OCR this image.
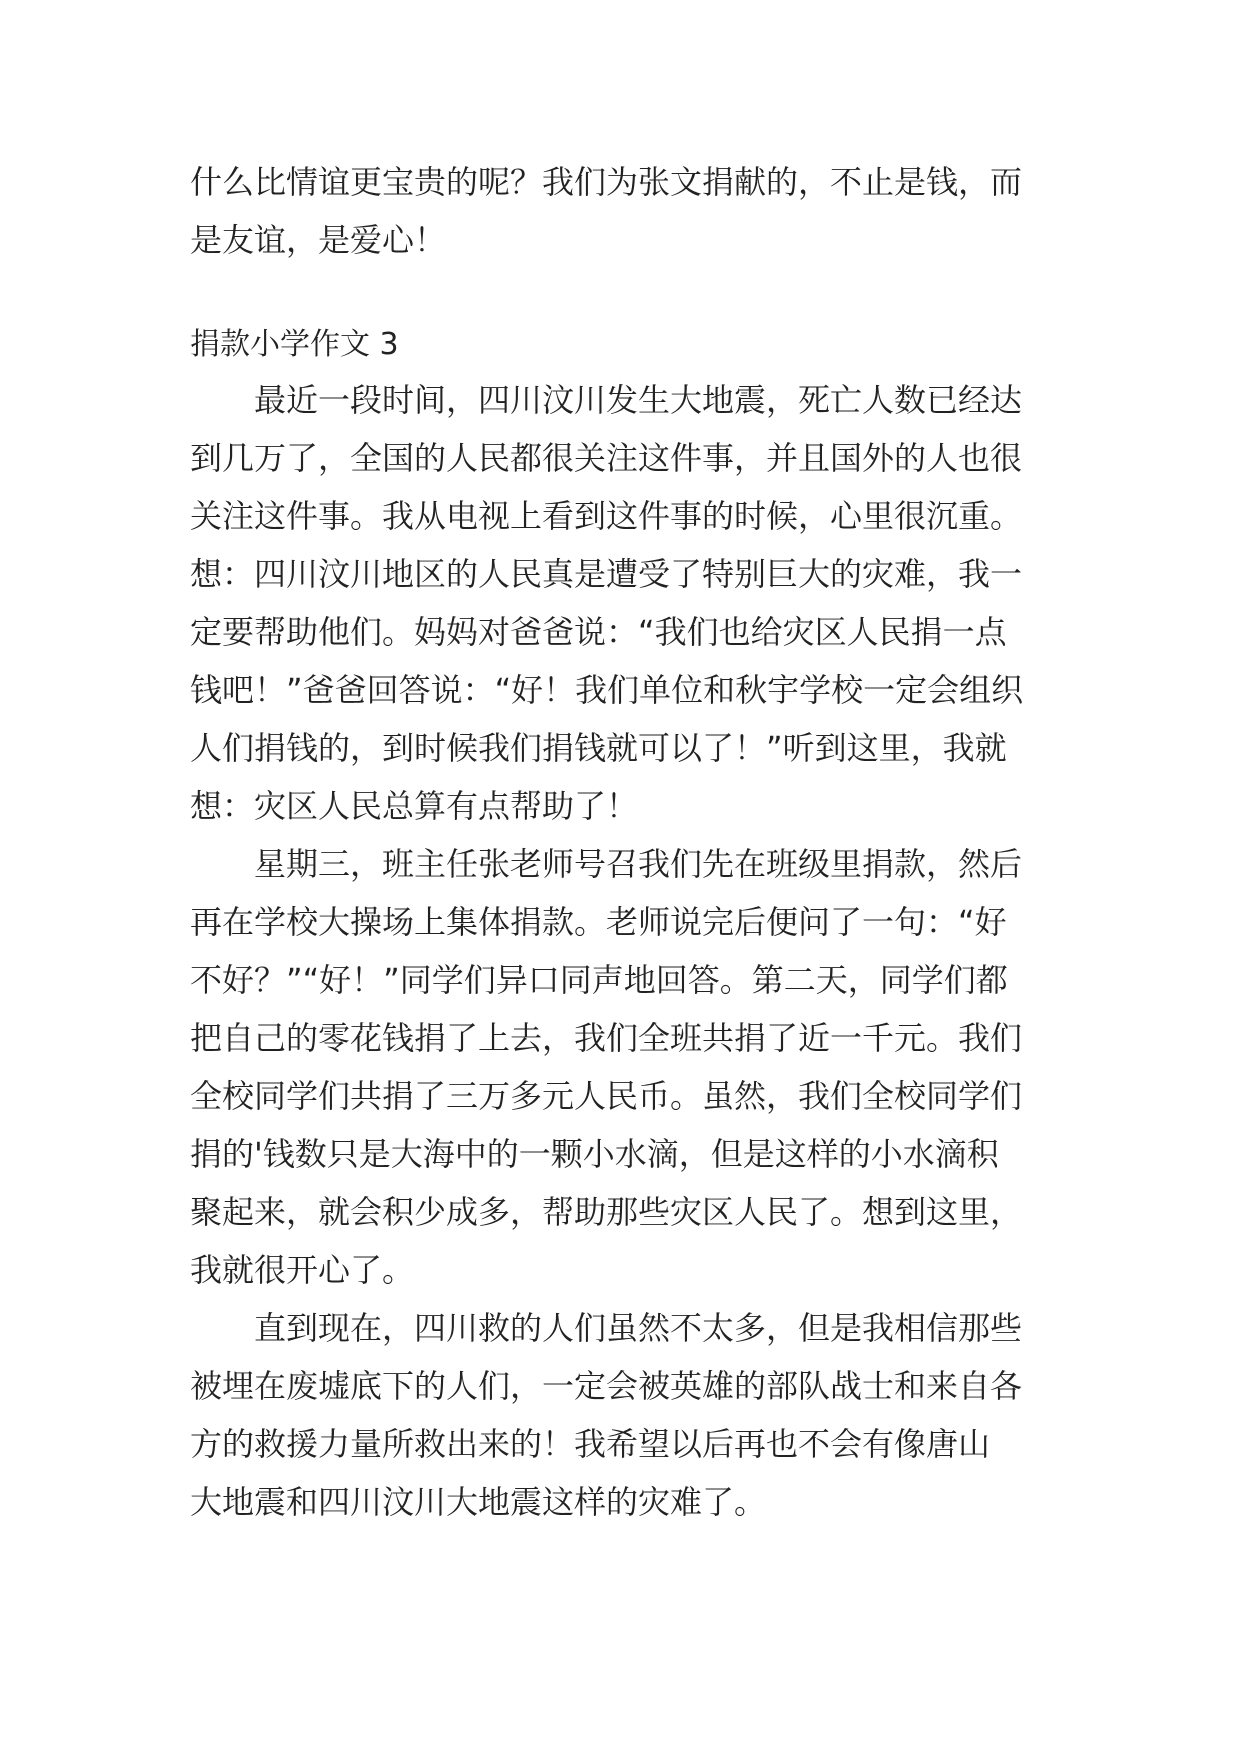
什么比情谊更宝贵的呢？我们为张文捐献的，不止是钱，而
是友谊，是爱心！
捐款小学作文 3
　　最近一段时间，四川汶川发生大地震，死亡人数已经达
到几万了，全国的人民都很关注这件事，并且国外的人也很
关注这件事。我从电视上看到这件事的时候，心里很沉重。
想：四川汶川地区的人民真是遭受了特别巨大的灾难，我一
定要帮助他们。妈妈对爸爸说：“我们也给灾区人民捐一点
钱吧！”爸爸回答说：“好！我们单位和秋宇学校一定会组织
人们捐钱的，到时候我们捐钱就可以了！”听到这里，我就
想：灾区人民总算有点帮助了！
　　星期三，班主任张老师号召我们先在班级里捐款，然后
再在学校大操场上集体捐款。老师说完后便问了一句：“好
不好？”“好！”同学们异口同声地回答。第二天，同学们都
把自己的零花钱捐了上去，我们全班共捐了近一千元。我们
全校同学们共捐了三万多元人民币。虽然，我们全校同学们
捐的'钱数只是大海中的一颗小水滴，但是这样的小水滴积
聚起来，就会积少成多，帮助那些灾区人民了。想到这里，
我就很开心了。
　　直到现在，四川救的人们虽然不太多，但是我相信那些
被埋在废墟底下的人们，一定会被英雄的部队战士和来自各
方的救援力量所救出来的！我希望以后再也不会有像唐山
大地震和四川汶川大地震这样的灾难了。
